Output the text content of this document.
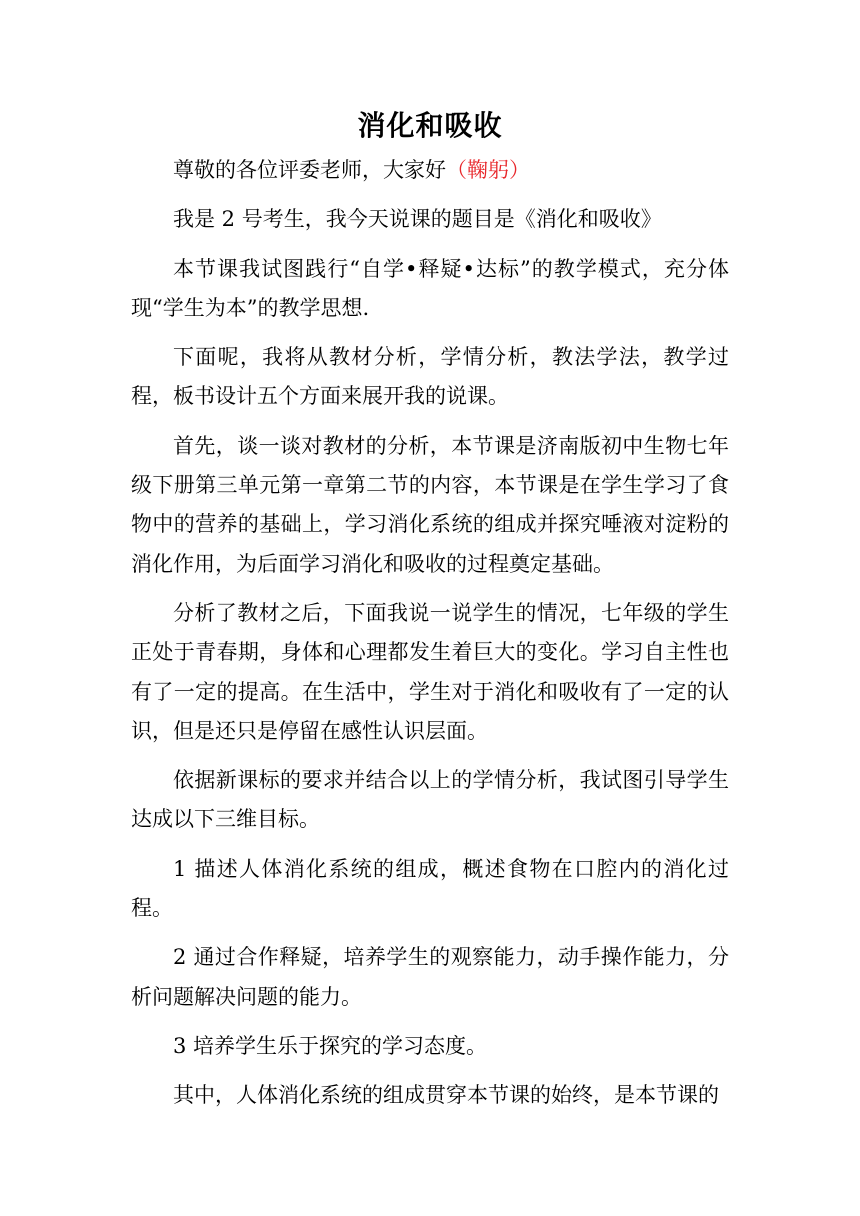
消化和吸收

尊敬的各位评委老师，大家好（鞠躬）

我是 2 号考生，我今天说课的题目是《消化和吸收》

本节课我试图践行“自学•释疑•达标”的教学模式，充分体现“学生为本”的教学思想.

下面呢，我将从教材分析，学情分析，教法学法，教学过程，板书设计五个方面来展开我的说课。

首先，谈一谈对教材的分析，本节课是济南版初中生物七年级下册第三单元第一章第二节的内容，本节课是在学生学习了食物中的营养的基础上，学习消化系统的组成并探究唾液对淀粉的消化作用，为后面学习消化和吸收的过程奠定基础。

分析了教材之后，下面我说一说学生的情况，七年级的学生正处于青春期，身体和心理都发生着巨大的变化。学习自主性也有了一定的提高。在生活中，学生对于消化和吸收有了一定的认识，但是还只是停留在感性认识层面。

依据新课标的要求并结合以上的学情分析，我试图引导学生达成以下三维目标。

1 描述人体消化系统的组成，概述食物在口腔内的消化过程。

2 通过合作释疑，培养学生的观察能力，动手操作能力，分析问题解决问题的能力。

3 培养学生乐于探究的学习态度。

其中，人体消化系统的组成贯穿本节课的始终，是本节课的
